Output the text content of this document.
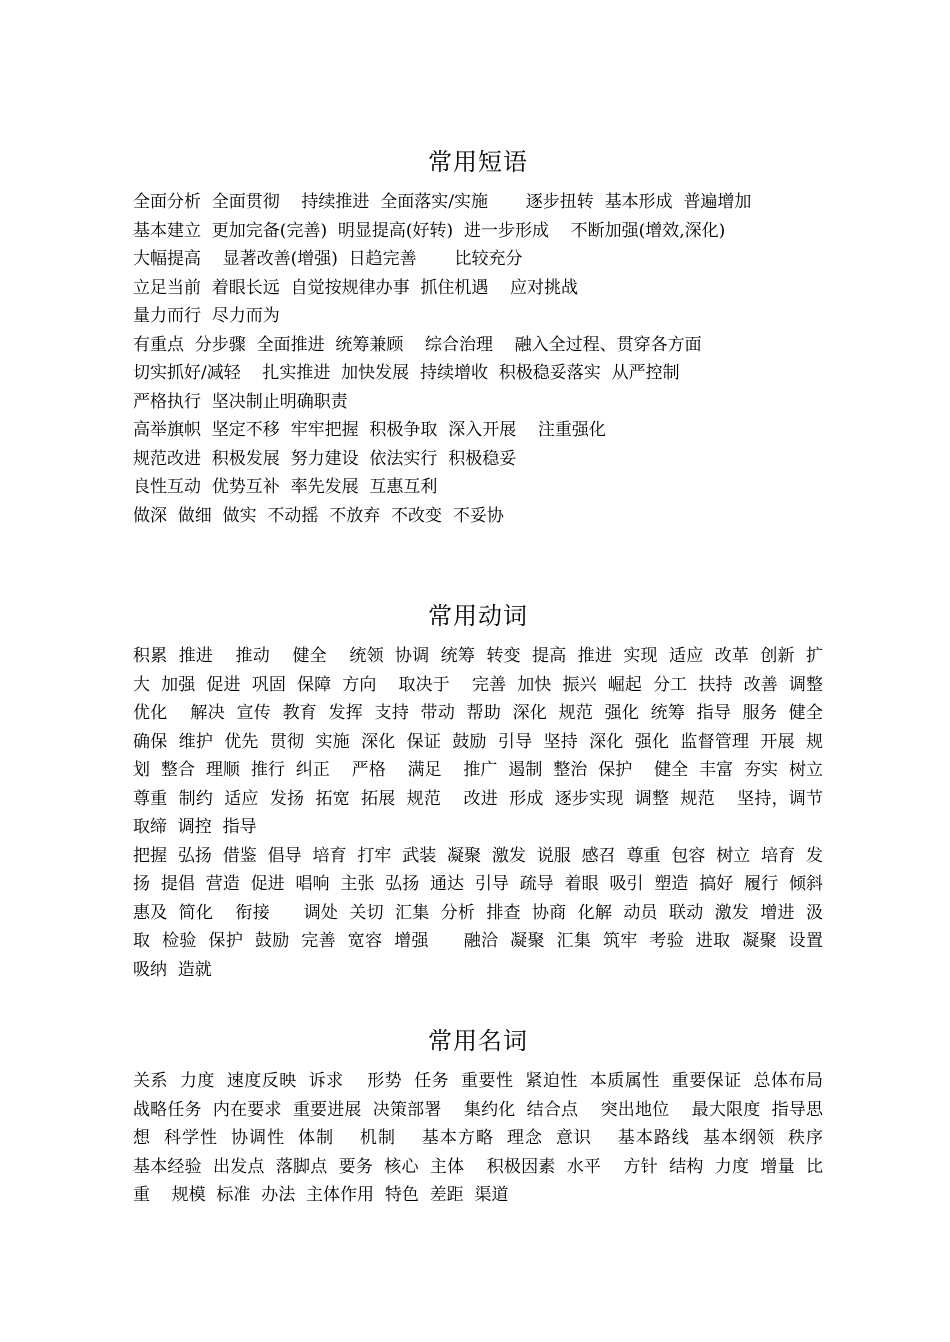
常用短语

全面分析  全面贯彻    持续推进  全面落实/实施       逐步扭转  基本形成  普遍增加

基本建立  更加完备(完善)  明显提高(好转)  进一步形成    不断加强(增效,深化)

大幅提高    显著改善(增强)  日趋完善       比较充分

立足当前  着眼长远  自觉按规律办事  抓住机遇    应对挑战

量力而行  尽力而为

有重点  分步骤  全面推进  统筹兼顾    综合治理    融入全过程、贯穿各方面

切实抓好/减轻    扎实推进  加快发展  持续增收  积极稳妥落实  从严控制

严格执行  坚决制止明确职责

高举旗帜  坚定不移  牢牢把握  积极争取  深入开展    注重强化

规范改进  积极发展  努力建设  依法实行  积极稳妥

良性互动  优势互补  率先发展  互惠互利

做深  做细  做实  不动摇  不放弃  不改变  不妥协

常用动词

积累  推进    推动    健全    统领  协调  统筹  转变  提高  推进  实现  适应  改革  创新  扩大  加强  促进  巩固  保障  方向    取决于    完善  加快  振兴  崛起  分工  扶持  改善  调整  优化    解决  宣传  教育  发挥  支持  带动  帮助  深化  规范  强化  统筹  指导  服务  健全  确保  维护  优先  贯彻  实施  深化  保证  鼓励  引导  坚持  深化  强化  监督管理  开展  规划  整合  理顺  推行  纠正    严格    满足    推广  遏制  整治  保护    健全  丰富  夯实  树立  尊重  制约  适应  发扬  拓宽  拓展  规范    改进  形成  逐步实现  调整  规范    坚持，调节  取缔  调控  指导

把握  弘扬  借鉴  倡导  培育  打牢  武装  凝聚  激发  说服  感召  尊重  包容  树立  培育  发扬  提倡  营造  促进  唱响  主张  弘扬  通达  引导  疏导  着眼  吸引  塑造  搞好  履行  倾斜  惠及  简化    衔接      调处  关切  汇集  分析  排查  协商  化解  动员  联动  激发  增进  汲取  检验  保护  鼓励  完善  宽容  增强      融洽  凝聚  汇集  筑牢  考验  进取  凝聚  设置  吸纳  造就

常用名词

关系  力度  速度反映  诉求    形势  任务  重要性  紧迫性  本质属性  重要保证  总体布局  战略任务  内在要求  重要进展  决策部署    集约化  结合点    突出地位    最大限度  指导思想  科学性  协调性  体制    机制    基本方略  理念  意识    基本路线  基本纲领  秩序          基本经验  出发点  落脚点  要务  核心  主体    积极因素  水平    方针  结构  力度  增量  比重    规模  标准  办法  主体作用  特色  差距  渠道
